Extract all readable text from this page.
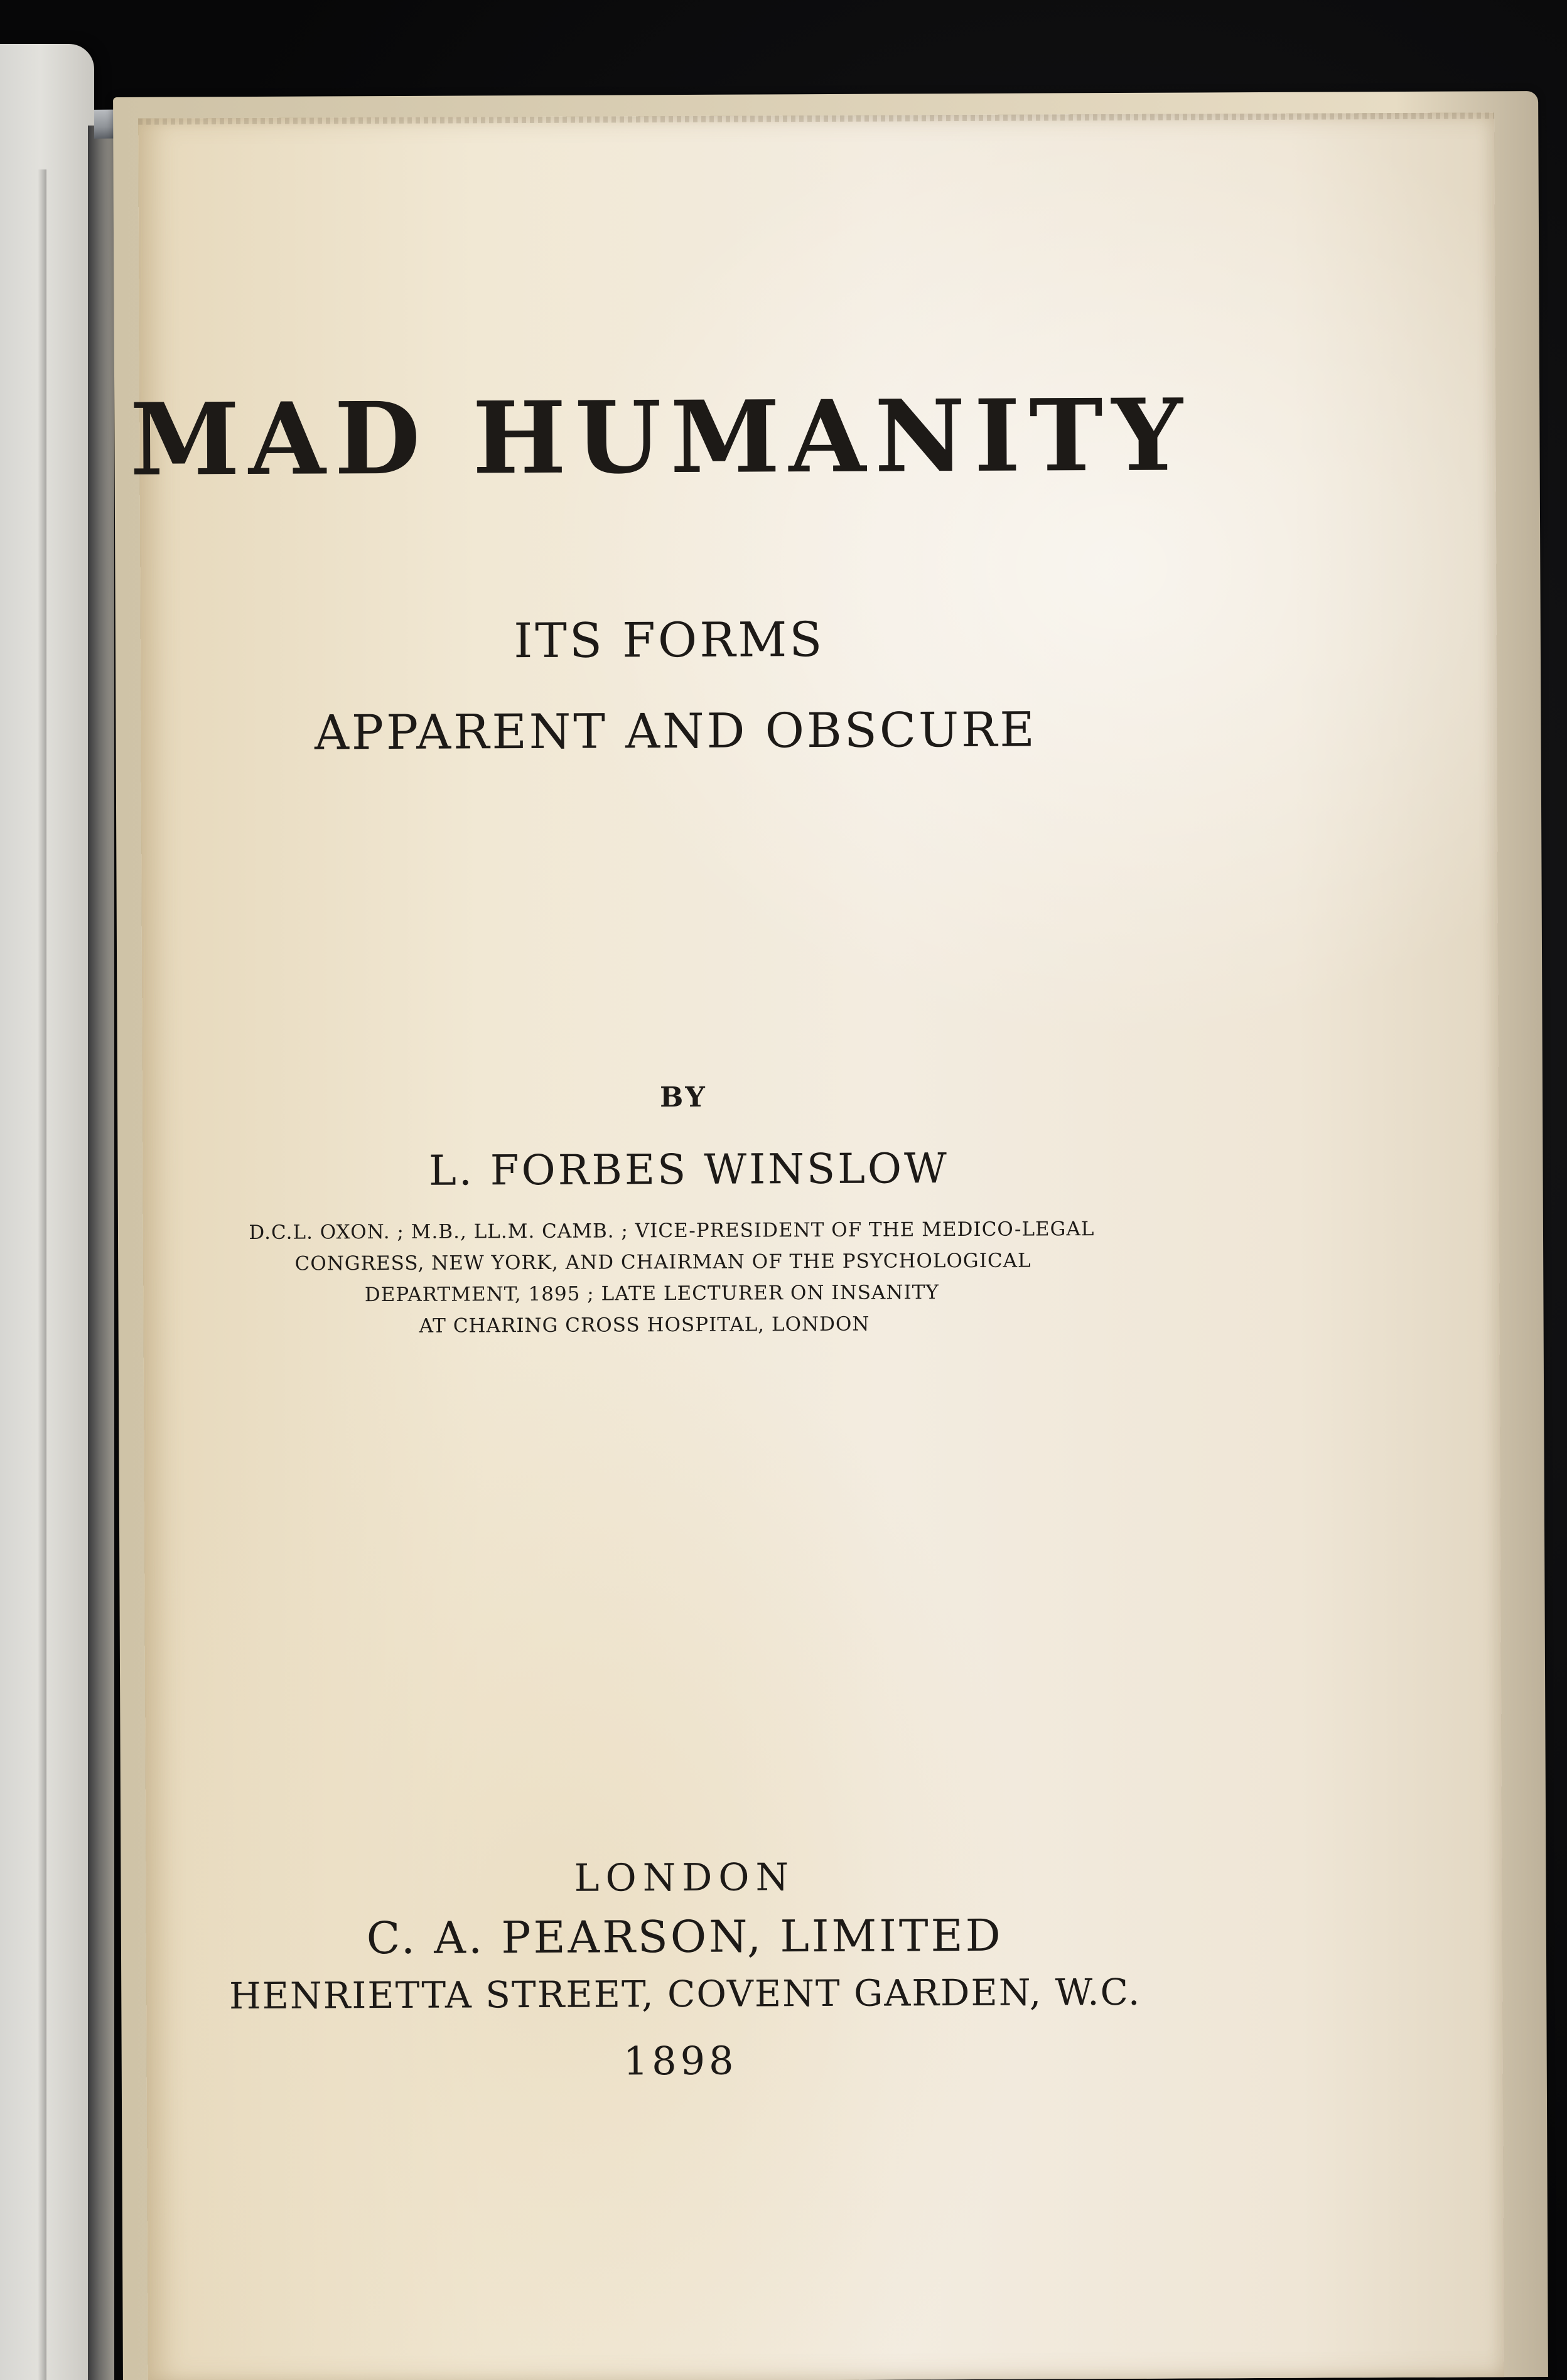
MAD HUMANITY
ITS FORMS
APPARENT AND OBSCURE
BY
L. FORBES WINSLOW
D.C.L. OXON. ; M.B., LL.M. CAMB. ; VICE-PRESIDENT OF THE MEDICO-LEGAL
CONGRESS, NEW YORK, AND CHAIRMAN OF THE PSYCHOLOGICAL
DEPARTMENT, 1895 ; LATE LECTURER ON INSANITY
AT CHARING CROSS HOSPITAL, LONDON
LONDON
C. A. PEARSON, LIMITED
HENRIETTA STREET, COVENT GARDEN, W.C.
1898
